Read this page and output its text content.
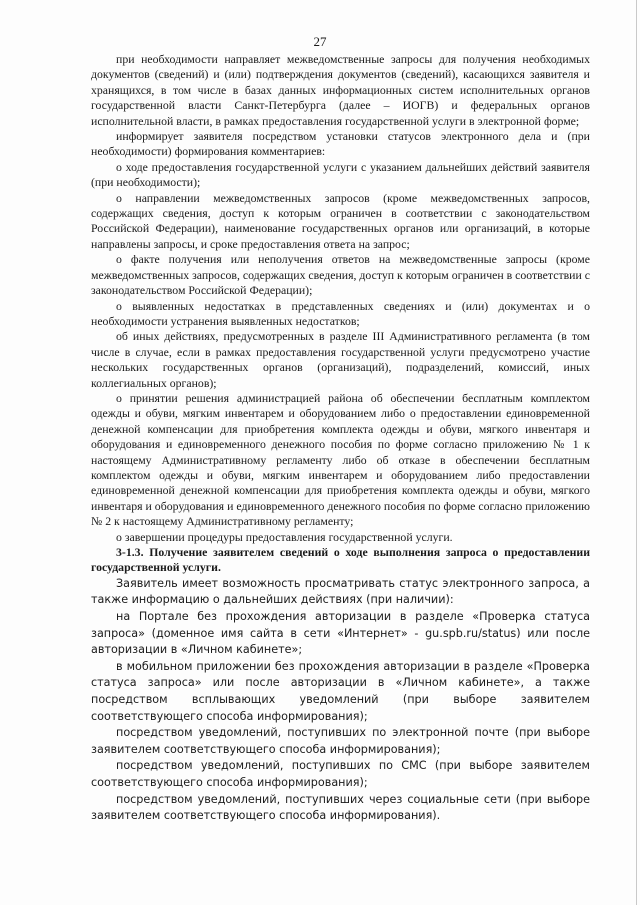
27

при необходимости направляет межведомственные запросы для получения необходимых документов (сведений) и (или) подтверждения документов (сведений), касающихся заявителя и хранящихся, в том числе в базах данных информационных систем исполнительных органов государственной власти Санкт-Петербурга (далее – ИОГВ) и федеральных органов исполнительной власти, в рамках предоставления государственной услуги в электронной форме;

информирует заявителя посредством установки статусов электронного дела и (при необходимости) формирования комментариев:

о ходе предоставления государственной услуги с указанием дальнейших действий заявителя (при необходимости);

о направлении межведомственных запросов (кроме межведомственных запросов, содержащих сведения, доступ к которым ограничен в соответствии с законодательством Российской Федерации), наименование государственных органов или организаций, в которые направлены запросы, и сроке предоставления ответа на запрос;

о факте получения или неполучения ответов на межведомственные запросы (кроме межведомственных запросов, содержащих сведения, доступ к которым ограничен в соответствии с законодательством Российской Федерации);

о выявленных недостатках в представленных сведениях и (или) документах и о необходимости устранения выявленных недостатков;

об иных действиях, предусмотренных в разделе III Административного регламента (в том числе в случае, если в рамках предоставления государственной услуги предусмотрено участие нескольких государственных органов (организаций), подразделений, комиссий, иных коллегиальных органов);

о принятии решения администрацией района об обеспечении бесплатным комплектом одежды и обуви, мягким инвентарем и оборудованием либо о предоставлении единовременной денежной компенсации для приобретения комплекта одежды и обуви, мягкого инвентаря и оборудования и единовременного денежного пособия по форме согласно приложению № 1 к настоящему Административному регламенту либо об отказе в обеспечении бесплатным комплектом одежды и обуви, мягким инвентарем и оборудованием либо предоставлении единовременной денежной компенсации для приобретения комплекта одежды и обуви, мягкого инвентаря и оборудования и единовременного денежного пособия по форме согласно приложению № 2 к настоящему Административному регламенту;

о завершении процедуры предоставления государственной услуги.

3-1.3. Получение заявителем сведений о ходе выполнения запроса о предоставлении государственной услуги.

Заявитель имеет возможность просматривать статус электронного запроса, а также информацию о дальнейших действиях (при наличии):

на Портале без прохождения авторизации в разделе «Проверка статуса запроса» (доменное имя сайта в сети «Интернет» - gu.spb.ru/status) или после авторизации в «Личном кабинете»;

в мобильном приложении без прохождения авторизации в разделе «Проверка статуса запроса» или после авторизации в «Личном кабинете», а также посредством всплывающих уведомлений (при выборе заявителем соответствующего способа информирования);

посредством уведомлений, поступивших по электронной почте (при выборе заявителем соответствующего способа информирования);

посредством уведомлений, поступивших по СМС (при выборе заявителем соответствующего способа информирования);

посредством уведомлений, поступивших через социальные сети (при выборе заявителем соответствующего способа информирования).
